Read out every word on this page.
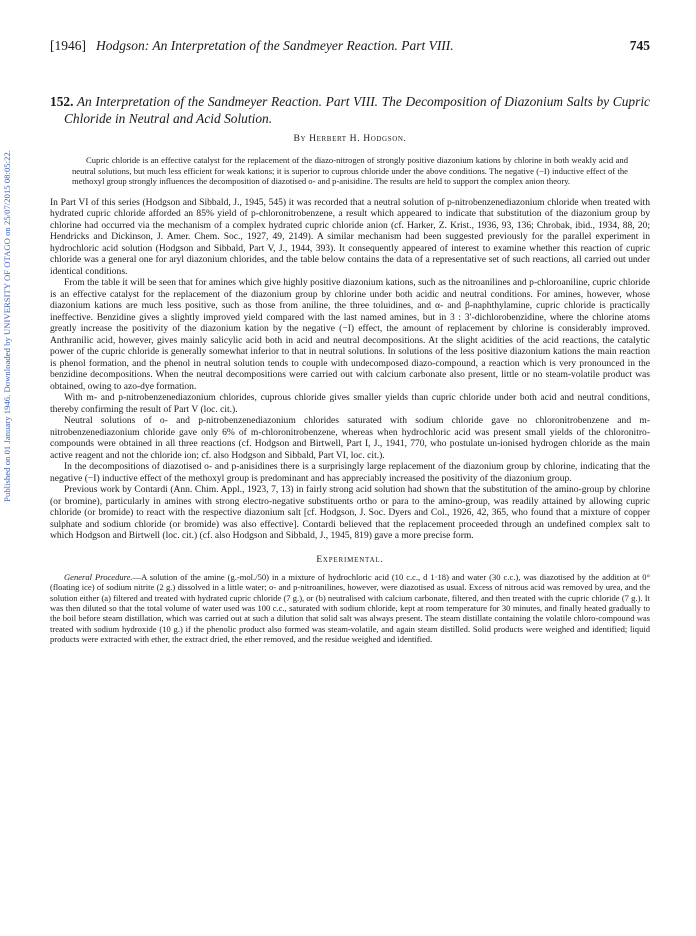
Published on 01 January 1946. Downloaded by UNIVERSITY OF OTAGO on 25/07/2015 08:05:22.
[1946] Hodgson: An Interpretation of the Sandmeyer Reaction. Part VIII.	745

152. An Interpretation of the Sandmeyer Reaction. Part VIII. The Decomposition of Diazonium Salts by Cupric Chloride in Neutral and Acid Solution.

By Herbert H. Hodgson.

Cupric chloride is an effective catalyst for the replacement of the diazo-nitrogen of strongly positive diazonium kations by chlorine in both weakly acid and neutral solutions, but much less efficient for weak kations; it is superior to cuprous chloride under the above conditions. The negative (−I) inductive effect of the methoxyl group strongly influences the decomposition of diazotised o- and p-anisidine. The results are held to support the complex anion theory.

In Part VI of this series (Hodgson and Sibbald, J., 1945, 545) it was recorded that a neutral solution of p-nitrobenzenediazonium chloride when treated with hydrated cupric chloride afforded an 85% yield of p-chloronitrobenzene, a result which appeared to indicate that substitution of the diazonium group by chlorine had occurred via the mechanism of a complex hydrated cupric chloride anion (cf. Harker, Z. Krist., 1936, 93, 136; Chrobak, ibid., 1934, 88, 20; Hendricks and Dickinson, J. Amer. Chem. Soc., 1927, 49, 2149). A similar mechanism had been suggested previously for the parallel experiment in hydrochloric acid solution (Hodgson and Sibbald, Part V, J., 1944, 393). It consequently appeared of interest to examine whether this reaction of cupric chloride was a general one for aryl diazonium chlorides, and the table below contains the data of a representative set of such reactions, all carried out under identical conditions.

From the table it will be seen that for amines which give highly positive diazonium kations, such as the nitroanilines and p-chloroaniline, cupric chloride is an effective catalyst for the replacement of the diazonium group by chlorine under both acidic and neutral conditions. For amines, however, whose diazonium kations are much less positive, such as those from aniline, the three toluidines, and α- and β-naphthylamine, cupric chloride is practically ineffective. Benzidine gives a slightly improved yield compared with the last named amines, but in 3 : 3′-dichlorobenzidine, where the chlorine atoms greatly increase the positivity of the diazonium kation by the negative (−I) effect, the amount of replacement by chlorine is considerably improved. Anthranilic acid, however, gives mainly salicylic acid both in acid and neutral decompositions. At the slight acidities of the acid reactions, the catalytic power of the cupric chloride is generally somewhat inferior to that in neutral solutions. In solutions of the less positive diazonium kations the main reaction is phenol formation, and the phenol in neutral solution tends to couple with undecomposed diazo-compound, a reaction which is very pronounced in the benzidine decompositions. When the neutral decompositions were carried out with calcium carbonate also present, little or no steam-volatile product was obtained, owing to azo-dye formation.

With m- and p-nitrobenzenediazonium chlorides, cuprous chloride gives smaller yields than cupric chloride under both acid and neutral conditions, thereby confirming the result of Part V (loc. cit.).

Neutral solutions of o- and p-nitrobenzenediazonium chlorides saturated with sodium chloride gave no chloronitrobenzene and m-nitrobenzenediazonium chloride gave only 6% of m-chloronitrobenzene, whereas when hydrochloric acid was present small yields of the chloronitro-compounds were obtained in all three reactions (cf. Hodgson and Birtwell, Part I, J., 1941, 770, who postulate un-ionised hydrogen chloride as the main active reagent and not the chloride ion; cf. also Hodgson and Sibbald, Part VI, loc. cit.).

In the decompositions of diazotised o- and p-anisidines there is a surprisingly large replacement of the diazonium group by chlorine, indicating that the negative (−I) inductive effect of the methoxyl group is predominant and has appreciably increased the positivity of the diazonium group.

Previous work by Contardi (Ann. Chim. Appl., 1923, 7, 13) in fairly strong acid solution had shown that the substitution of the amino-group by chlorine (or bromine), particularly in amines with strong electro-negative substituents ortho or para to the amino-group, was readily attained by allowing cupric chloride (or bromide) to react with the respective diazonium salt [cf. Hodgson, J. Soc. Dyers and Col., 1926, 42, 365, who found that a mixture of copper sulphate and sodium chloride (or bromide) was also effective]. Contardi believed that the replacement proceeded through an undefined complex salt to which Hodgson and Birtwell (loc. cit.) (cf. also Hodgson and Sibbald, J., 1945, 819) gave a more precise form.

Experimental.

General Procedure.—A solution of the amine (g.-mol./50) in a mixture of hydrochloric acid (10 c.c., d 1·18) and water (30 c.c.), was diazotised by the addition at 0° (floating ice) of sodium nitrite (2 g.) dissolved in a little water; o- and p-nitroanilines, however, were diazotised as usual. Excess of nitrous acid was removed by urea, and the solution either (a) filtered and treated with hydrated cupric chloride (7 g.), or (b) neutralised with calcium carbonate, filtered, and then treated with the cupric chloride (7 g.). It was then diluted so that the total volume of water used was 100 c.c., saturated with sodium chloride, kept at room temperature for 30 minutes, and finally heated gradually to the boil before steam distillation, which was carried out at such a dilution that solid salt was always present. The steam distillate containing the volatile chloro-compound was treated with sodium hydroxide (10 g.) if the phenolic product also formed was steam-volatile, and again steam distilled. Solid products were weighed and identified; liquid products were extracted with ether, the extract dried, the ether removed, and the residue weighed and identified.
